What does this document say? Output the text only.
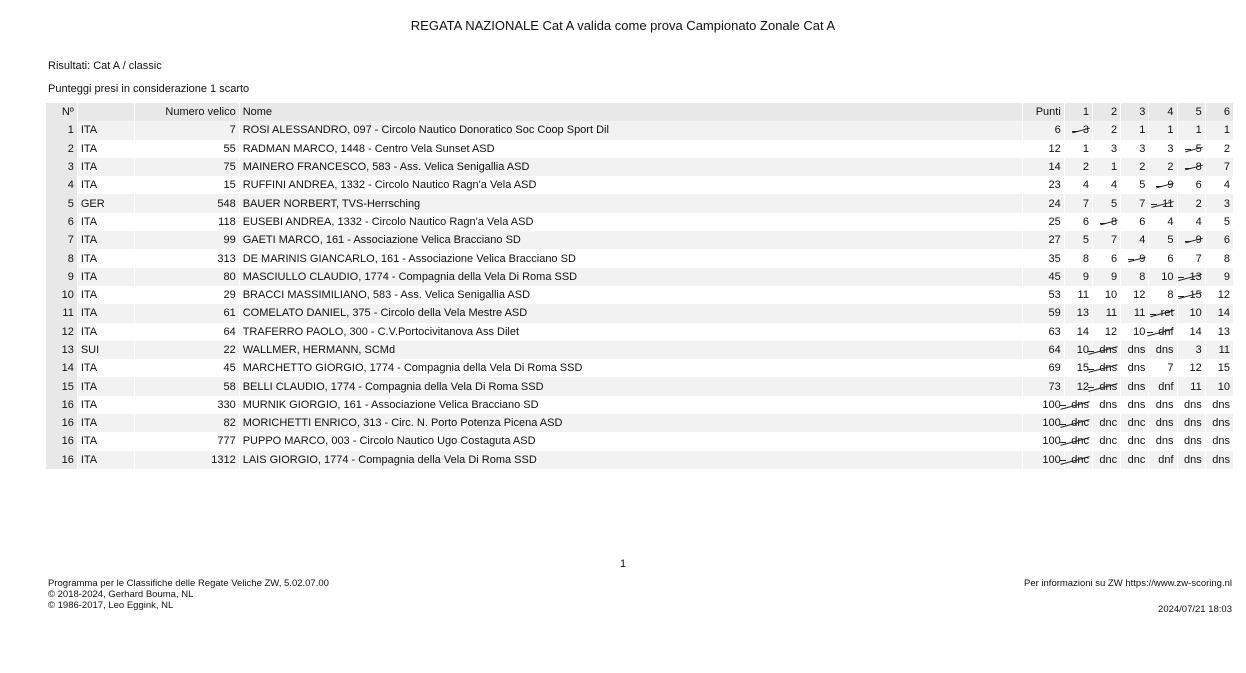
REGATA NAZIONALE Cat A valida come prova Campionato Zonale Cat A
Risultati: Cat A / classic
Punteggi presi in considerazione 1 scarto
Nº		Numero velico	Nome	Punti	1	2	3	4	5	6
1	ITA	7	ROSI ALESSANDRO, 097 - Circolo Nautico Donoratico Soc Coop Sport Dil	6	3	2	1	1	1	1
2	ITA	55	RADMAN MARCO, 1448 - Centro Vela Sunset ASD	12	1	3	3	3	5	2
3	ITA	75	MAINERO FRANCESCO, 583 - Ass. Velica Senigallia ASD	14	2	1	2	2	8	7
4	ITA	15	RUFFINI ANDREA, 1332 - Circolo Nautico Ragn'a Vela ASD	23	4	4	5	9	6	4
5	GER	548	BAUER NORBERT, TVS-Herrsching	24	7	5	7	11	2	3
6	ITA	118	EUSEBI ANDREA, 1332 - Circolo Nautico Ragn'a Vela ASD	25	6	8	6	4	4	5
7	ITA	99	GAETI MARCO, 161 - Associazione Velica Bracciano SD	27	5	7	4	5	9	6
8	ITA	313	DE MARINIS GIANCARLO, 161 - Associazione Velica Bracciano SD	35	8	6	9	6	7	8
9	ITA	80	MASCIULLO CLAUDIO, 1774 - Compagnia della Vela Di Roma SSD	45	9	9	8	10	13	9
10	ITA	29	BRACCI MASSIMILIANO, 583 - Ass. Velica Senigallia ASD	53	11	10	12	8	15	12
11	ITA	61	COMELATO DANIEL, 375 - Circolo della Vela Mestre ASD	59	13	11	11	ret	10	14
12	ITA	64	TRAFERRO PAOLO, 300 - C.V.Portocivitanova Ass Dilet	63	14	12	10	dnf	14	13
13	SUI	22	WALLMER, HERMANN, SCMd	64	10	dns	dns	dns	3	11
14	ITA	45	MARCHETTO GIORGIO, 1774 - Compagnia della Vela Di Roma SSD	69	15	dns	dns	7	12	15
15	ITA	58	BELLI CLAUDIO, 1774 - Compagnia della Vela Di Roma SSD	73	12	dns	dns	dnf	11	10
16	ITA	330	MURNIK GIORGIO, 161 - Associazione Velica Bracciano SD	100	dns	dns	dns	dns	dns	dns
16	ITA	82	MORICHETTI ENRICO, 313 - Circ. N. Porto Potenza Picena ASD	100	dnc	dnc	dnc	dns	dns	dns
16	ITA	777	PUPPO MARCO, 003 - Circolo Nautico Ugo Costaguta ASD	100	dnc	dnc	dnc	dns	dns	dns
16	ITA	1312	LAIS GIORGIO, 1774 - Compagnia della Vela Di Roma SSD	100	dnc	dnc	dnc	dnf	dns	dns
1
Programma per le Classifiche delle Regate Veliche ZW, 5.02.07.00
© 2018-2024, Gerhard Bouma, NL
© 1986-2017, Leo Eggink, NL
Per informazioni su ZW https://www.zw-scoring.nl
2024/07/21 18:03
